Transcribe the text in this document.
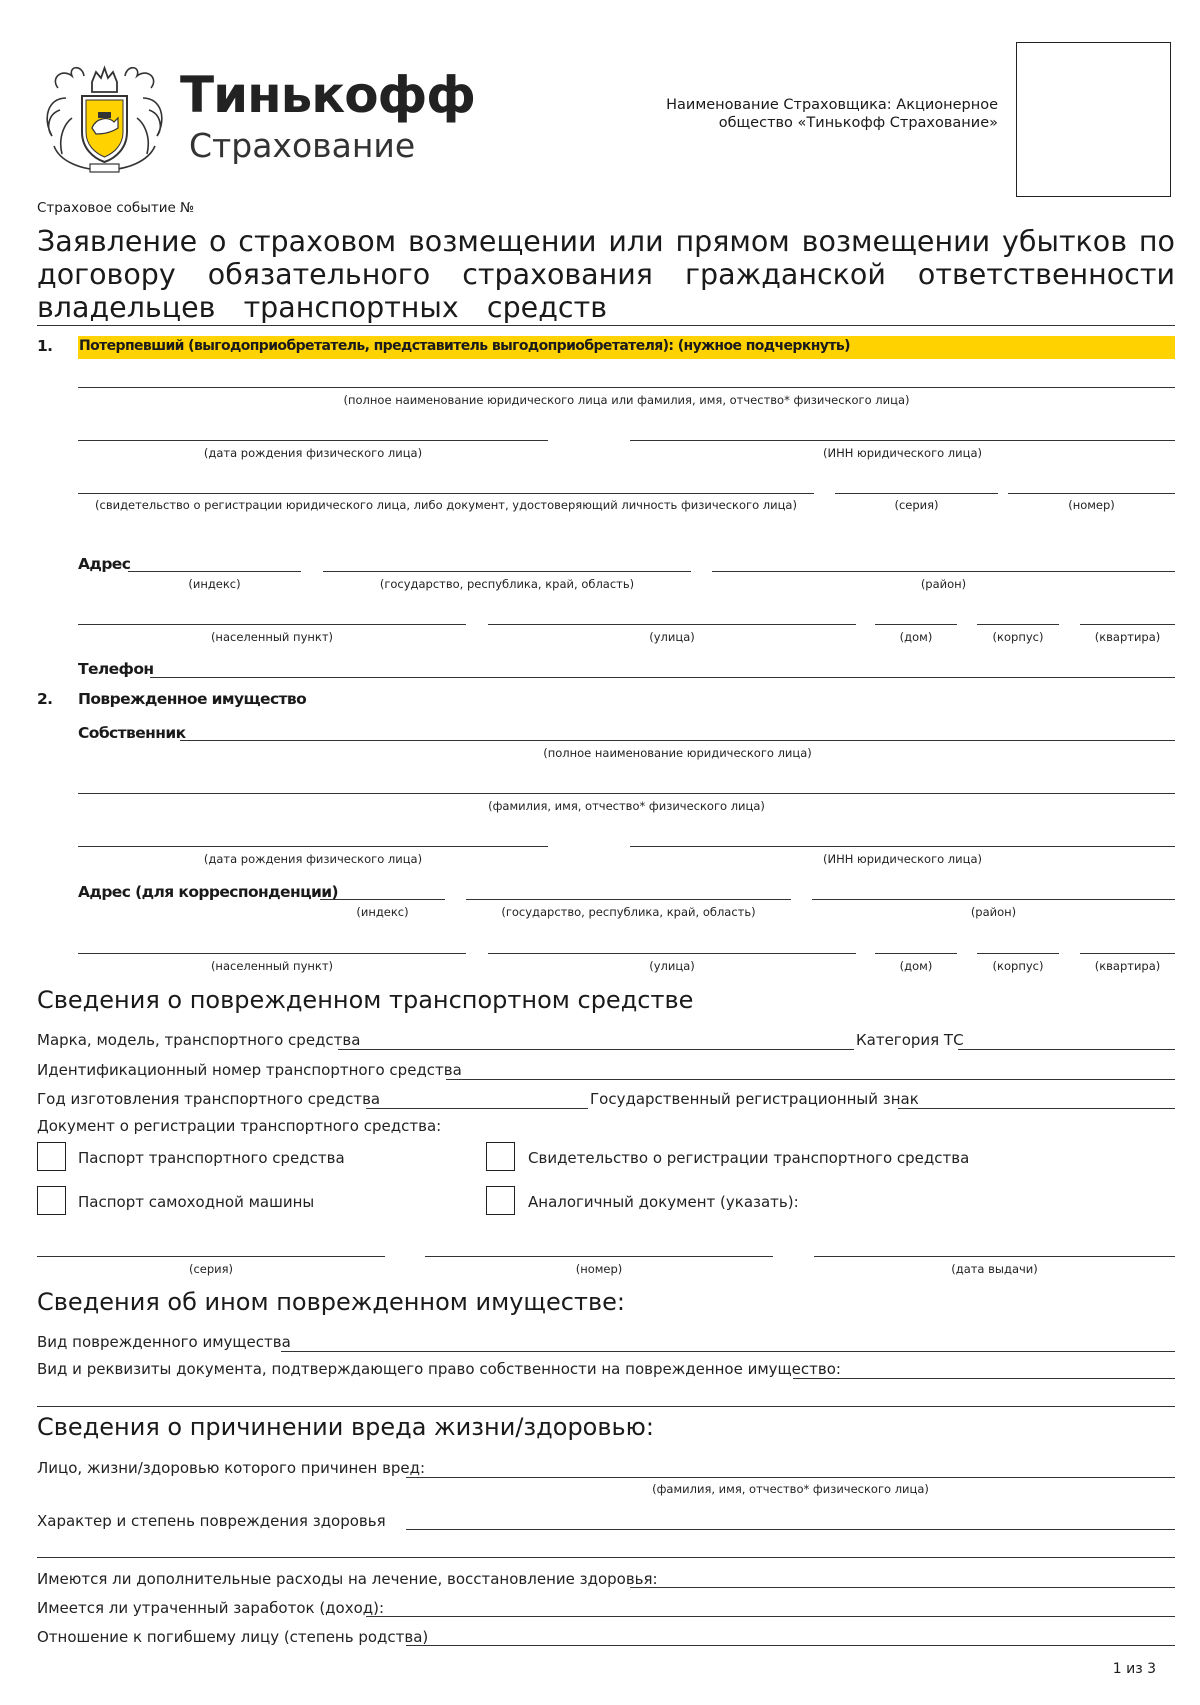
Тинькофф
Страхование
Наименование Страховщика: Акционерное
общество «Тинькофф Страхование»
Страховое событие №
Заявление о страховом возмещении или прямом возмещении убытков по
договору обязательного страхования гражданской ответственности
владельцев транспортных средств
1. Потерпевший (выгодоприобретатель, представитель выгодоприобретателя): (нужное подчеркнуть)
(полное наименование юридического лица или фамилия, имя, отчество* физического лица)
(дата рождения физического лица)	(ИНН юридического лица)
(свидетельство о регистрации юридического лица, либо документ, удостоверяющий личность физического лица)	(серия)	(номер)
Адрес
(индекс)	(государство, республика, край, область)	(район)
(населенный пункт)	(улица)	(дом)	(корпус)	(квартира)
Телефон
2. Поврежденное имущество
Собственник
(полное наименование юридического лица)
(фамилия, имя, отчество* физического лица)
(дата рождения физического лица)	(ИНН юридического лица)
Адрес (для корреспонденции)
(индекс)	(государство, республика, край, область)	(район)
(населенный пункт)	(улица)	(дом)	(корпус)	(квартира)
Сведения о поврежденном транспортном средстве
Марка, модель, транспортного средства	Категория ТС
Идентификационный номер транспортного средства
Год изготовления транспортного средства	Государственный регистрационный знак
Документ о регистрации транспортного средства:
Паспорт транспортного средства	Свидетельство о регистрации транспортного средства
Паспорт самоходной машины	Аналогичный документ (указать):
(серия)	(номер)	(дата выдачи)
Сведения об ином поврежденном имуществе:
Вид поврежденного имущества
Вид и реквизиты документа, подтверждающего право собственности на поврежденное имущество:
Сведения о причинении вреда жизни/здоровью:
Лицо, жизни/здоровью которого причинен вред:
(фамилия, имя, отчество* физического лица)
Характер и степень повреждения здоровья
Имеются ли дополнительные расходы на лечение, восстановление здоровья:
Имеется ли утраченный заработок (доход):
Отношение к погибшему лицу (степень родства)
1 из 3
